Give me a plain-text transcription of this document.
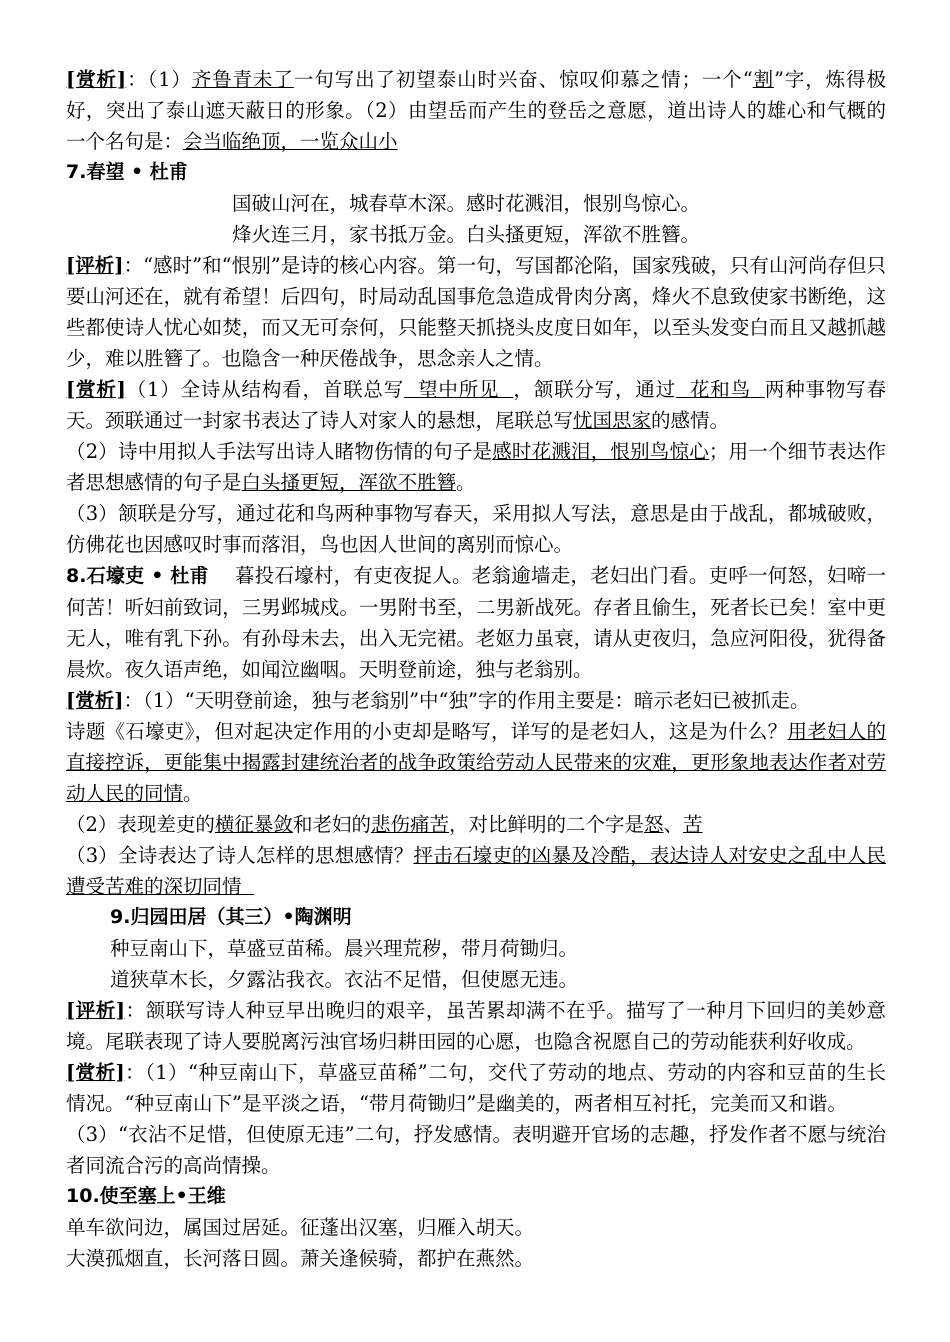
[赏析]：（1）齐鲁青未了一句写出了初望泰山时兴奋、惊叹仰慕之情；一个“割”字，炼得极好，突出了泰山遮天蔽日的形象。（2）由望岳而产生的登岳之意愿，道出诗人的雄心和气概的一个名句是：会当临绝顶，一览众山小

7.春望 • 杜甫

国破山河在，城春草木深。感时花溅泪，恨别鸟惊心。

烽火连三月，家书抵万金。白头搔更短，浑欲不胜簪。

[评析]：“感时”和“恨别”是诗的核心内容。第一句，写国都沦陷，国家残破，只有山河尚存但只要山河还在，就有希望！后四句，时局动乱国事危急造成骨肉分离，烽火不息致使家书断绝，这些都使诗人忧心如焚，而又无可奈何，只能整天抓挠头皮度日如年，以至头发变白而且又越抓越少，难以胜簪了。也隐含一种厌倦战争，思念亲人之情。

[赏析]（1）全诗从结构看，首联总写  望中所见  ，颔联分写，通过  花和鸟  两种事物写春天。颈联通过一封家书表达了诗人对家人的悬想，尾联总写忧国思家的感情。

（2）诗中用拟人手法写出诗人睹物伤情的句子是感时花溅泪，恨别鸟惊心；用一个细节表达作者思想感情的句子是白头搔更短，浑欲不胜簪。

（3）颔联是分写，通过花和鸟两种事物写春天，采用拟人写法，意思是由于战乱，都城破败，仿佛花也因感叹时事而落泪，鸟也因人世间的离别而惊心。

8.石壕吏 • 杜甫 暮投石壕村，有吏夜捉人。老翁逾墙走，老妇出门看。吏呼一何怒，妇啼一何苦！听妇前致词，三男邺城戍。一男附书至，二男新战死。存者且偷生，死者长已矣！室中更无人，唯有乳下孙。有孙母未去，出入无完裙。老妪力虽衰，请从吏夜归，急应河阳役，犹得备晨炊。夜久语声绝，如闻泣幽咽。天明登前途，独与老翁别。

[赏析]：（1）“天明登前途，独与老翁别”中“独”字的作用主要是：暗示老妇已被抓走。

诗题《石壕吏》，但对起决定作用的小吏却是略写，详写的是老妇人，这是为什么？用老妇人的直接控诉，更能集中揭露封建统治者的战争政策给劳动人民带来的灾难，更形象地表达作者对劳动人民的同情。

（2）表现差吏的横征暴敛和老妇的悲伤痛苦，对比鲜明的二个字是怒、苦

（3）全诗表达了诗人怎样的思想感情？抨击石壕吏的凶暴及冷酷，表达诗人对安史之乱中人民遭受苦难的深切同情

9.归园田居（其三）•陶渊明

种豆南山下，草盛豆苗稀。晨兴理荒秽，带月荷锄归。

道狭草木长，夕露沾我衣。衣沾不足惜，但使愿无违。

[评析]：颔联写诗人种豆早出晚归的艰辛，虽苦累却满不在乎。描写了一种月下回归的美妙意境。尾联表现了诗人要脱离污浊官场归耕田园的心愿，也隐含祝愿自己的劳动能获利好收成。

[赏析]：（1）“种豆南山下，草盛豆苗稀”二句，交代了劳动的地点、劳动的内容和豆苗的生长情况。“种豆南山下”是平淡之语，“带月荷锄归”是幽美的，两者相互衬托，完美而又和谐。

（3）“衣沾不足惜，但使原无违”二句，抒发感情。表明避开官场的志趣，抒发作者不愿与统治者同流合污的高尚情操。

10.使至塞上•王维

单车欲问边，属国过居延。征蓬出汉塞，归雁入胡天。

大漠孤烟直，长河落日圆。萧关逢候骑，都护在燕然。
